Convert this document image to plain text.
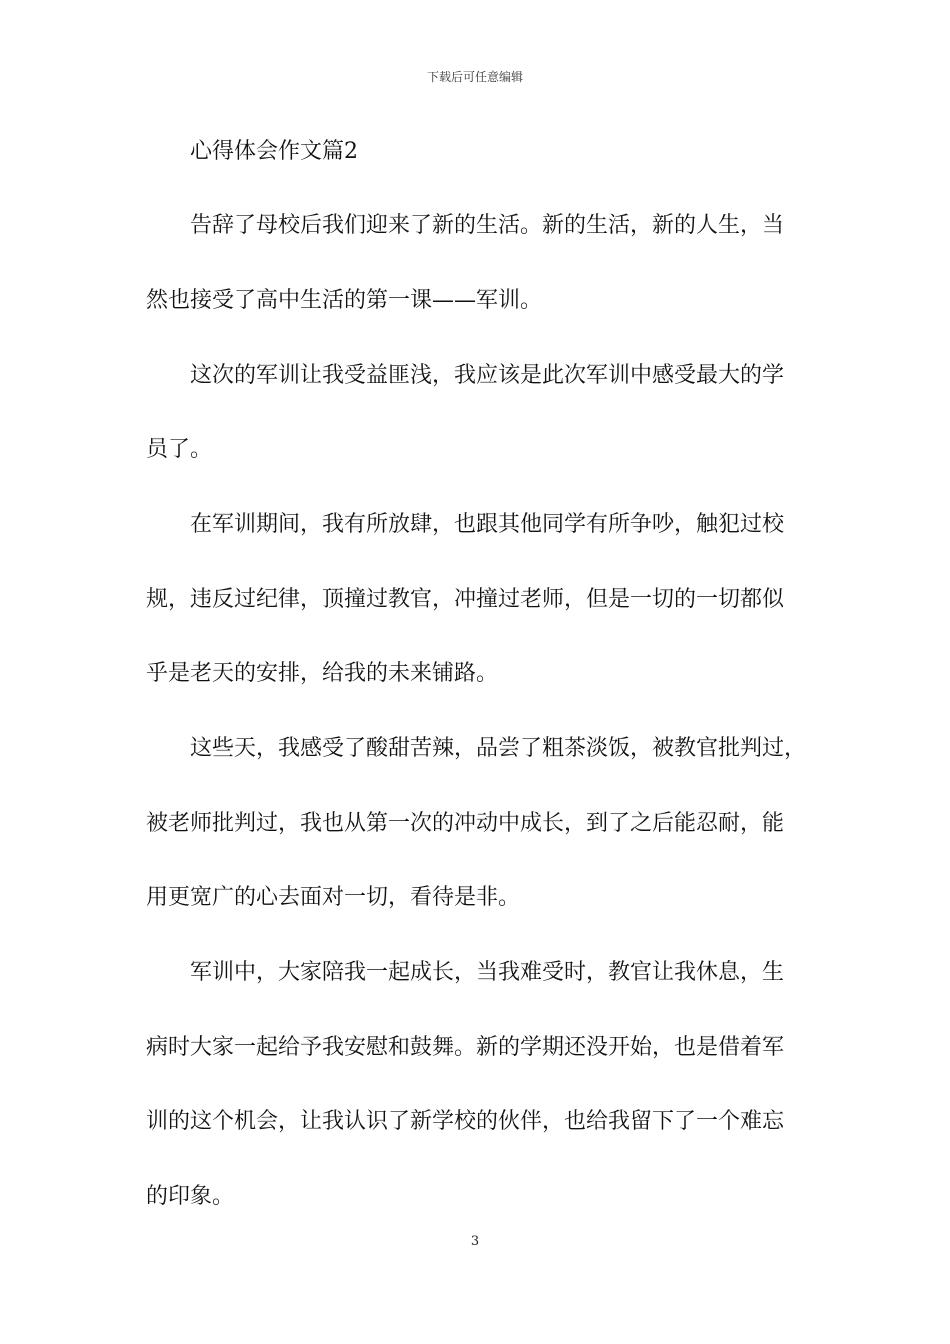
下载后可任意编辑
心得体会作文篇2
告辞了母校后我们迎来了新的生活。新的生活，新的人生，当
然也接受了高中生活的第一课——军训。
这次的军训让我受益匪浅，我应该是此次军训中感受最大的学
员了。
在军训期间，我有所放肆，也跟其他同学有所争吵，触犯过校
规，违反过纪律，顶撞过教官，冲撞过老师，但是一切的一切都似
乎是老天的安排，给我的未来铺路。
这些天，我感受了酸甜苦辣，品尝了粗茶淡饭，被教官批判过，
被老师批判过，我也从第一次的冲动中成长，到了之后能忍耐，能
用更宽广的心去面对一切，看待是非。
军训中，大家陪我一起成长，当我难受时，教官让我休息，生
病时大家一起给予我安慰和鼓舞。新的学期还没开始，也是借着军
训的这个机会，让我认识了新学校的伙伴，也给我留下了一个难忘
的印象。
3
